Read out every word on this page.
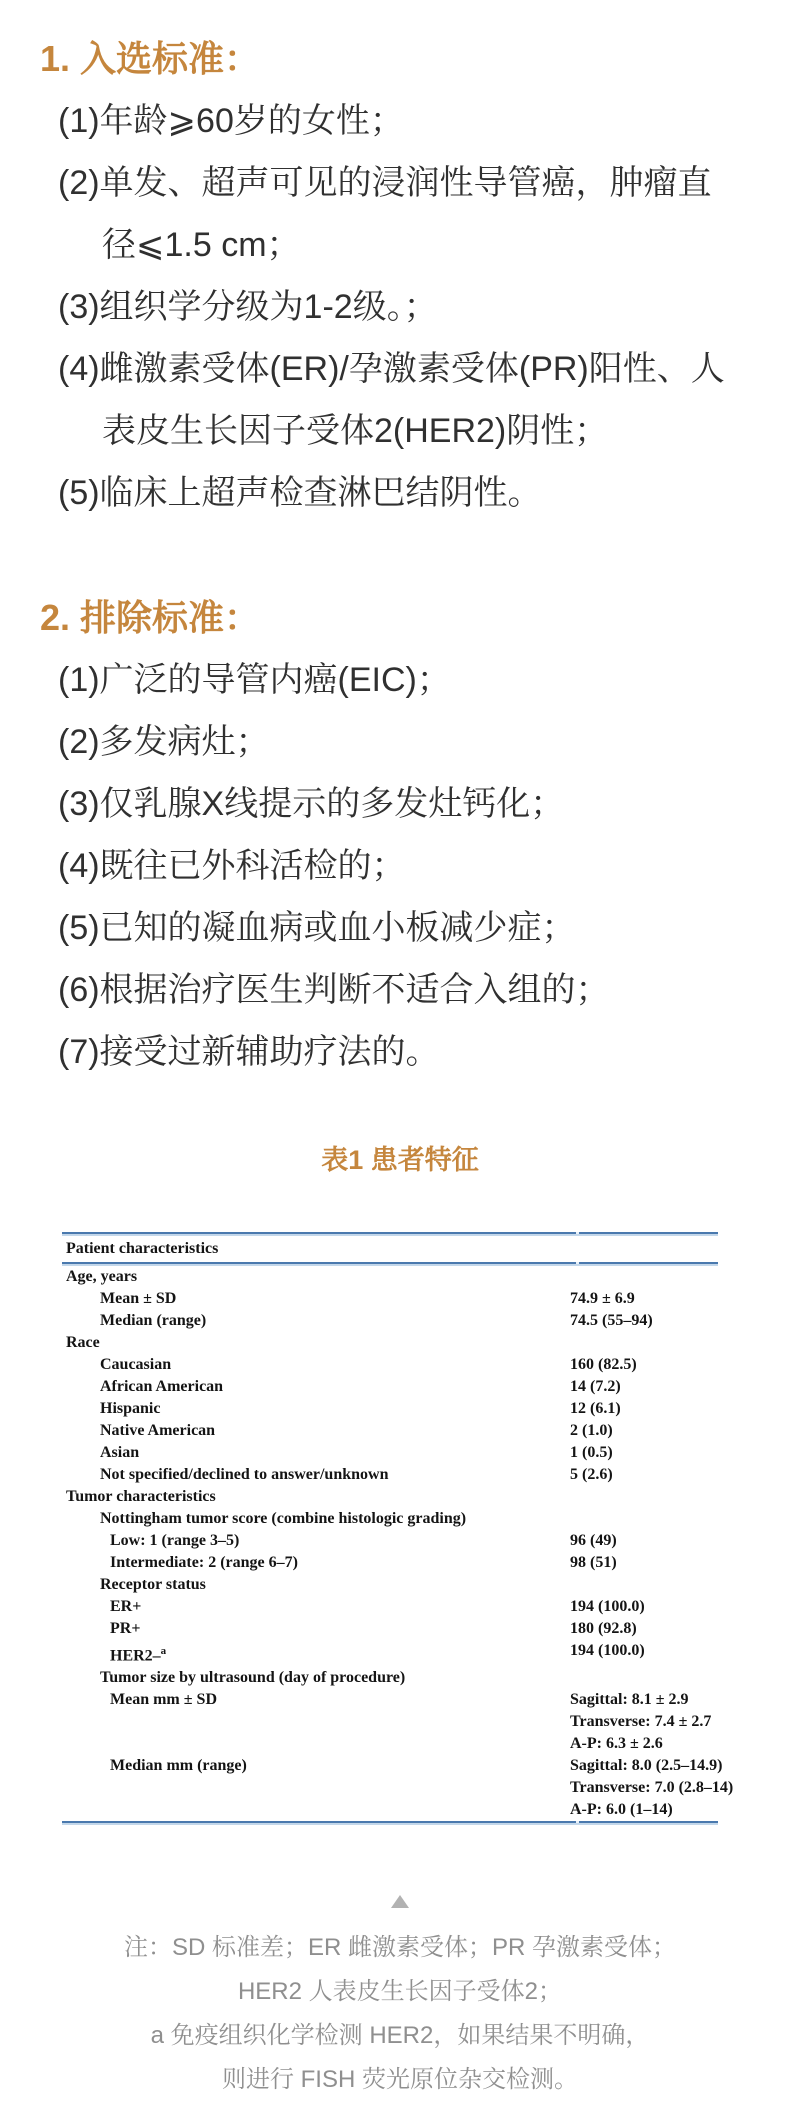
1. 入选标准：
(1)年龄⩾60岁的女性；
(2)单发、超声可见的浸润性导管癌，肿瘤直
径⩽1.5 cm；
(3)组织学分级为1-2级。；
(4)雌激素受体(ER)/孕激素受体(PR)阳性、人
表皮生长因子受体2(HER2)阴性；
(5)临床上超声检查淋巴结阴性。
2. 排除标准：
(1)广泛的导管内癌(EIC)；
(2)多发病灶；
(3)仅乳腺X线提示的多发灶钙化；
(4)既往已外科活检的；
(5)已知的凝血病或血小板减少症；
(6)根据治疗医生判断不适合入组的；
(7)接受过新辅助疗法的。
表1 患者特征
Patient characteristics
Age, years
Mean ± SD	74.9 ± 6.9
Median (range)	74.5 (55–94)
Race
Caucasian	160 (82.5)
African American	14 (7.2)
Hispanic	12 (6.1)
Native American	2 (1.0)
Asian	1 (0.5)
Not specified/declined to answer/unknown	5 (2.6)
Tumor characteristics
Nottingham tumor score (combine histologic grading)
Low: 1 (range 3–5)	96 (49)
Intermediate: 2 (range 6–7)	98 (51)
Receptor status
ER+	194 (100.0)
PR+	180 (92.8)
HER2–$^a$	194 (100.0)
Tumor size by ultrasound (day of procedure)
Mean mm ± SD	Sagittal: 8.1 ± 2.9
Transverse: 7.4 ± 2.7
A-P: 6.3 ± 2.6
Median mm (range)	Sagittal: 8.0 (2.5–14.9)
Transverse: 7.0 (2.8–14)
A-P: 6.0 (1–14)
注：SD 标准差；ER 雌激素受体；PR 孕激素受体；
HER2 人表皮生长因子受体2；
a 免疫组织化学检测 HER2，如果结果不明确，
则进行 FISH 荧光原位杂交检测。
